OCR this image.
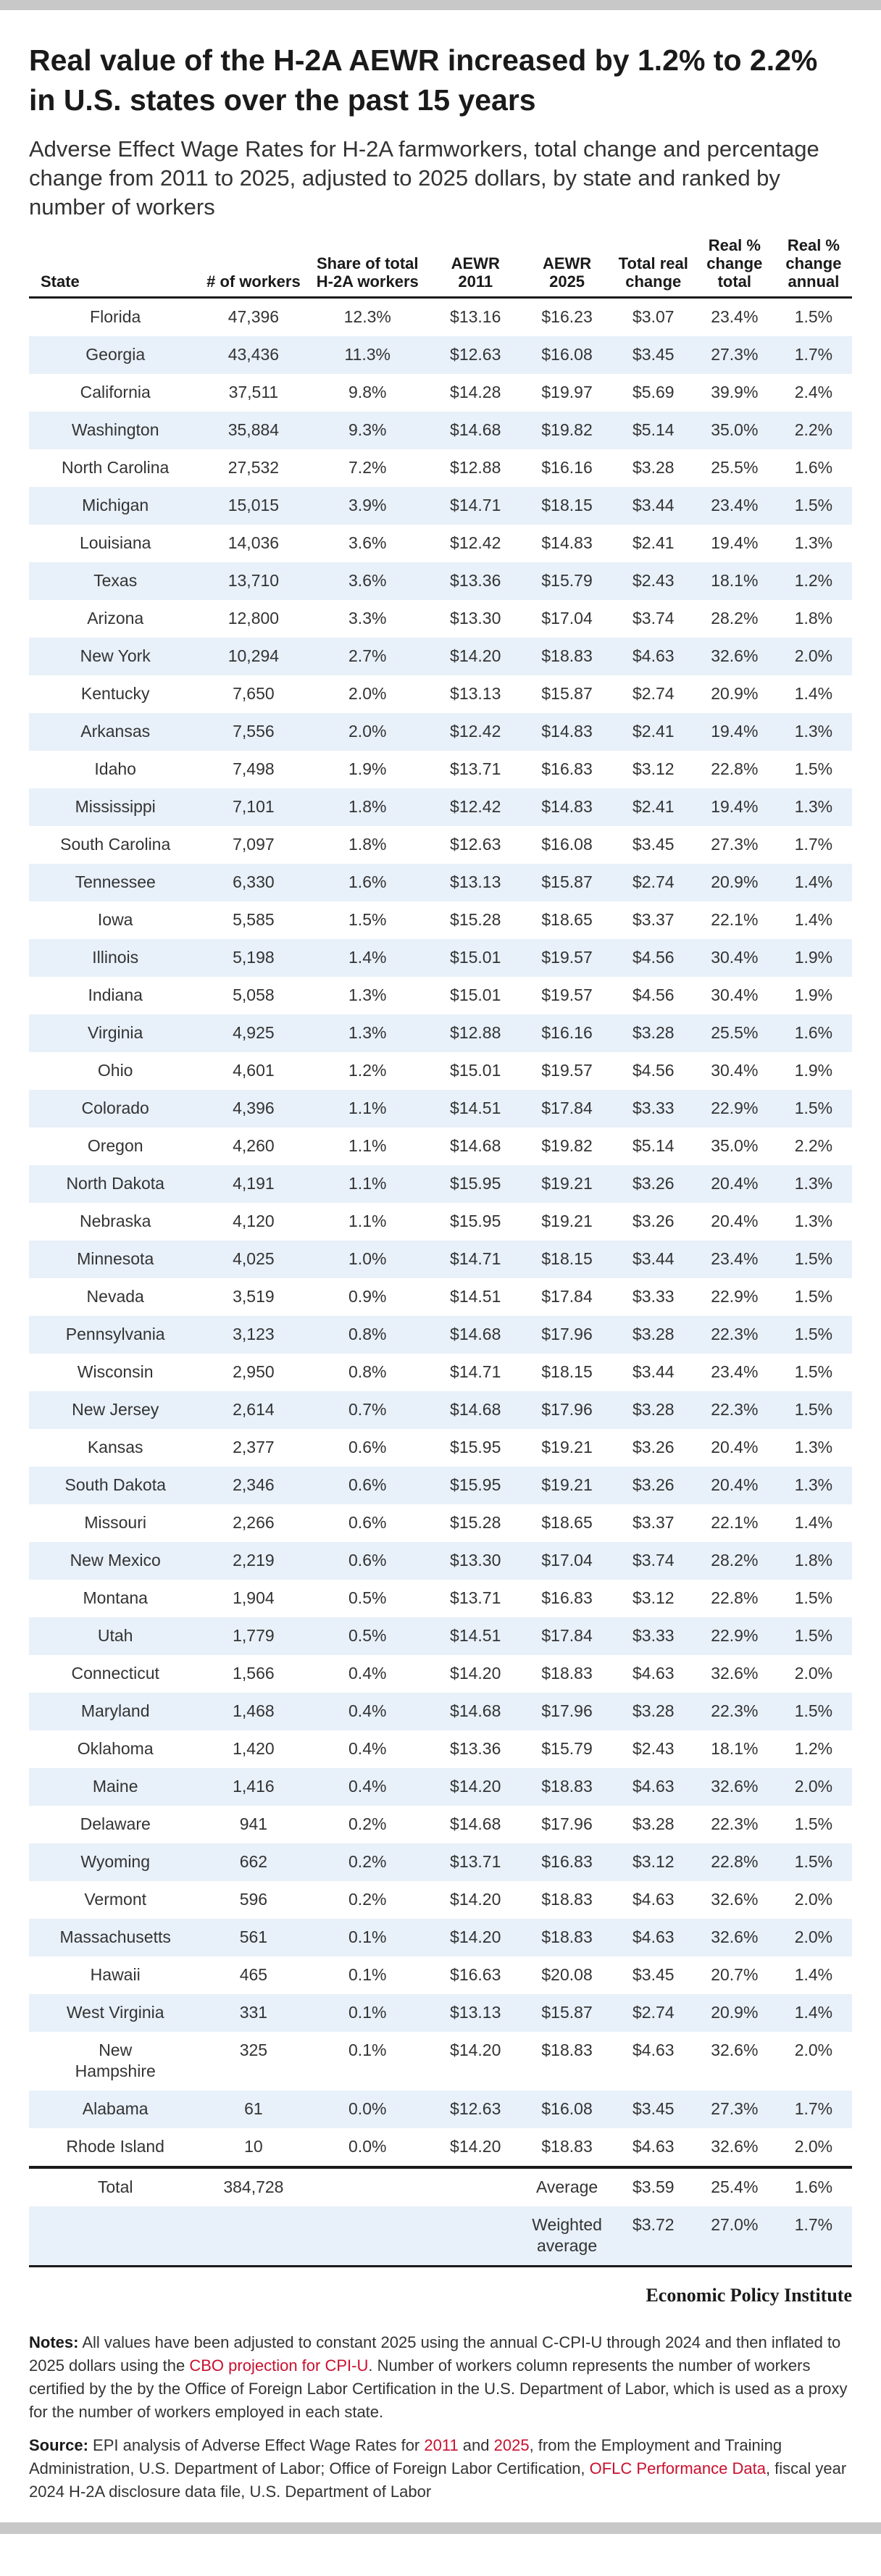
Real value of the H-2A AEWR increased by 1.2% to 2.2% in U.S. states over the past 15 years
Adverse Effect Wage Rates for H-2A farmworkers, total change and percentage change from 2011 to 2025, adjusted to 2025 dollars, by state and ranked by number of workers
State	# of workers	Share of total H-2A workers	AEWR 2011	AEWR 2025	Total real change	Real % change total	Real % change annual
Florida	47,396	12.3%	$13.16	$16.23	$3.07	23.4%	1.5%
Georgia	43,436	11.3%	$12.63	$16.08	$3.45	27.3%	1.7%
California	37,511	9.8%	$14.28	$19.97	$5.69	39.9%	2.4%
Washington	35,884	9.3%	$14.68	$19.82	$5.14	35.0%	2.2%
North Carolina	27,532	7.2%	$12.88	$16.16	$3.28	25.5%	1.6%
Michigan	15,015	3.9%	$14.71	$18.15	$3.44	23.4%	1.5%
Louisiana	14,036	3.6%	$12.42	$14.83	$2.41	19.4%	1.3%
Texas	13,710	3.6%	$13.36	$15.79	$2.43	18.1%	1.2%
Arizona	12,800	3.3%	$13.30	$17.04	$3.74	28.2%	1.8%
New York	10,294	2.7%	$14.20	$18.83	$4.63	32.6%	2.0%
Kentucky	7,650	2.0%	$13.13	$15.87	$2.74	20.9%	1.4%
Arkansas	7,556	2.0%	$12.42	$14.83	$2.41	19.4%	1.3%
Idaho	7,498	1.9%	$13.71	$16.83	$3.12	22.8%	1.5%
Mississippi	7,101	1.8%	$12.42	$14.83	$2.41	19.4%	1.3%
South Carolina	7,097	1.8%	$12.63	$16.08	$3.45	27.3%	1.7%
Tennessee	6,330	1.6%	$13.13	$15.87	$2.74	20.9%	1.4%
Iowa	5,585	1.5%	$15.28	$18.65	$3.37	22.1%	1.4%
Illinois	5,198	1.4%	$15.01	$19.57	$4.56	30.4%	1.9%
Indiana	5,058	1.3%	$15.01	$19.57	$4.56	30.4%	1.9%
Virginia	4,925	1.3%	$12.88	$16.16	$3.28	25.5%	1.6%
Ohio	4,601	1.2%	$15.01	$19.57	$4.56	30.4%	1.9%
Colorado	4,396	1.1%	$14.51	$17.84	$3.33	22.9%	1.5%
Oregon	4,260	1.1%	$14.68	$19.82	$5.14	35.0%	2.2%
North Dakota	4,191	1.1%	$15.95	$19.21	$3.26	20.4%	1.3%
Nebraska	4,120	1.1%	$15.95	$19.21	$3.26	20.4%	1.3%
Minnesota	4,025	1.0%	$14.71	$18.15	$3.44	23.4%	1.5%
Nevada	3,519	0.9%	$14.51	$17.84	$3.33	22.9%	1.5%
Pennsylvania	3,123	0.8%	$14.68	$17.96	$3.28	22.3%	1.5%
Wisconsin	2,950	0.8%	$14.71	$18.15	$3.44	23.4%	1.5%
New Jersey	2,614	0.7%	$14.68	$17.96	$3.28	22.3%	1.5%
Kansas	2,377	0.6%	$15.95	$19.21	$3.26	20.4%	1.3%
South Dakota	2,346	0.6%	$15.95	$19.21	$3.26	20.4%	1.3%
Missouri	2,266	0.6%	$15.28	$18.65	$3.37	22.1%	1.4%
New Mexico	2,219	0.6%	$13.30	$17.04	$3.74	28.2%	1.8%
Montana	1,904	0.5%	$13.71	$16.83	$3.12	22.8%	1.5%
Utah	1,779	0.5%	$14.51	$17.84	$3.33	22.9%	1.5%
Connecticut	1,566	0.4%	$14.20	$18.83	$4.63	32.6%	2.0%
Maryland	1,468	0.4%	$14.68	$17.96	$3.28	22.3%	1.5%
Oklahoma	1,420	0.4%	$13.36	$15.79	$2.43	18.1%	1.2%
Maine	1,416	0.4%	$14.20	$18.83	$4.63	32.6%	2.0%
Delaware	941	0.2%	$14.68	$17.96	$3.28	22.3%	1.5%
Wyoming	662	0.2%	$13.71	$16.83	$3.12	22.8%	1.5%
Vermont	596	0.2%	$14.20	$18.83	$4.63	32.6%	2.0%
Massachusetts	561	0.1%	$14.20	$18.83	$4.63	32.6%	2.0%
Hawaii	465	0.1%	$16.63	$20.08	$3.45	20.7%	1.4%
West Virginia	331	0.1%	$13.13	$15.87	$2.74	20.9%	1.4%
New Hampshire	325	0.1%	$14.20	$18.83	$4.63	32.6%	2.0%
Alabama	61	0.0%	$12.63	$16.08	$3.45	27.3%	1.7%
Rhode Island	10	0.0%	$14.20	$18.83	$4.63	32.6%	2.0%
Total	384,728			Average	$3.59	25.4%	1.6%
				Weighted average	$3.72	27.0%	1.7%
Economic Policy Institute

Notes: All values have been adjusted to constant 2025 using the annual C-CPI-U through 2024 and then inflated to 2025 dollars using the CBO projection for CPI-U. Number of workers column represents the number of workers certified by the by the Office of Foreign Labor Certification in the U.S. Department of Labor, which is used as a proxy for the number of workers employed in each state.

Source: EPI analysis of Adverse Effect Wage Rates for 2011 and 2025, from the Employment and Training Administration, U.S. Department of Labor; Office of Foreign Labor Certification, OFLC Performance Data, fiscal year 2024 H-2A disclosure data file, U.S. Department of Labor
